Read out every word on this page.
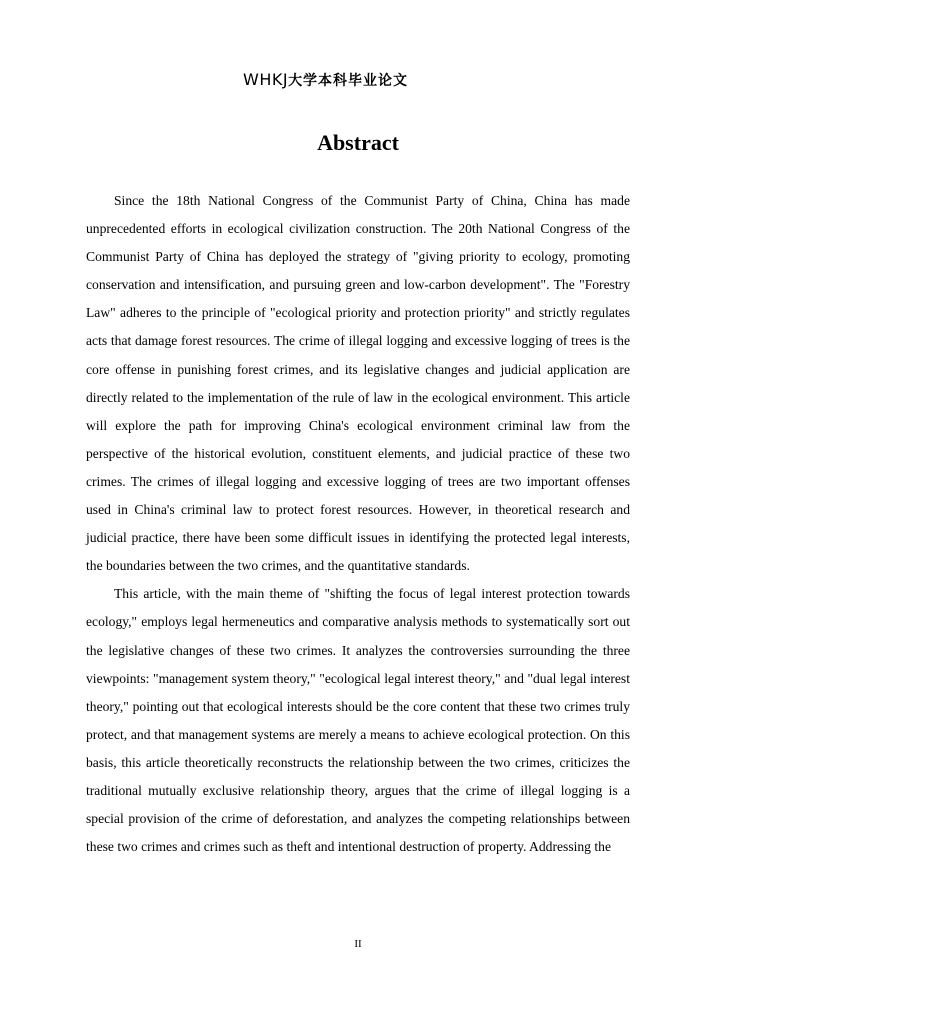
WHKJ大学本科毕业论文
Abstract

Since the 18th National Congress of the Communist Party of China, China has made unprecedented efforts in ecological civilization construction. The 20th National Congress of the Communist Party of China has deployed the strategy of "giving priority to ecology, promoting conservation and intensification, and pursuing green and low-carbon development". The "Forestry Law" adheres to the principle of "ecological priority and protection priority" and strictly regulates acts that damage forest resources. The crime of illegal logging and excessive logging of trees is the core offense in punishing forest crimes, and its legislative changes and judicial application are directly related to the implementation of the rule of law in the ecological environment. This article will explore the path for improving China's ecological environment criminal law from the perspective of the historical evolution, constituent elements, and judicial practice of these two crimes. The crimes of illegal logging and excessive logging of trees are two important offenses used in China's criminal law to protect forest resources. However, in theoretical research and judicial practice, there have been some difficult issues in identifying the protected legal interests, the boundaries between the two crimes, and the quantitative standards.

This article, with the main theme of "shifting the focus of legal interest protection towards ecology," employs legal hermeneutics and comparative analysis methods to systematically sort out the legislative changes of these two crimes. It analyzes the controversies surrounding the three viewpoints: "management system theory," "ecological legal interest theory," and "dual legal interest theory," pointing out that ecological interests should be the core content that these two crimes truly protect, and that management systems are merely a means to achieve ecological protection. On this basis, this article theoretically reconstructs the relationship between the two crimes, criticizes the traditional mutually exclusive relationship theory, argues that the crime of illegal logging is a special provision of the crime of deforestation, and analyzes the competing relationships between these two crimes and crimes such as theft and intentional destruction of property. Addressing the

II
